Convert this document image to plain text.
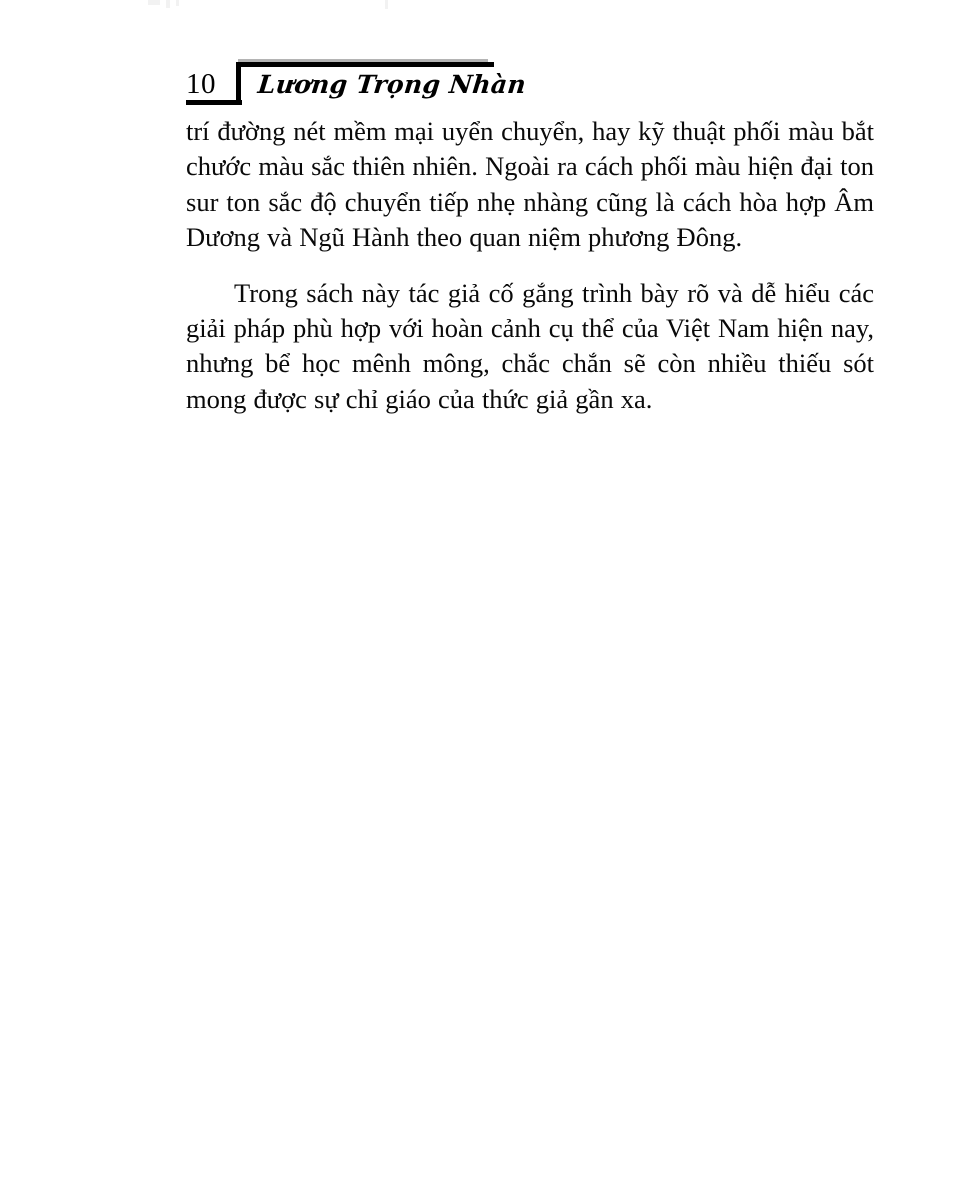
10 Lương Trọng Nhàn

trí đường nét mềm mại uyển chuyển, hay kỹ thuật phối màu bắt chước màu sắc thiên nhiên. Ngoài ra cách phối màu hiện đại ton sur ton sắc độ chuyển tiếp nhẹ nhàng cũng là cách hòa hợp Âm Dương và Ngũ Hành theo quan niệm phương Đông.

Trong sách này tác giả cố gắng trình bày rõ và dễ hiểu các giải pháp phù hợp với hoàn cảnh cụ thể của Việt Nam hiện nay, nhưng bể học mênh mông, chắc chắn sẽ còn nhiều thiếu sót mong được sự chỉ giáo của thức giả gần xa.
